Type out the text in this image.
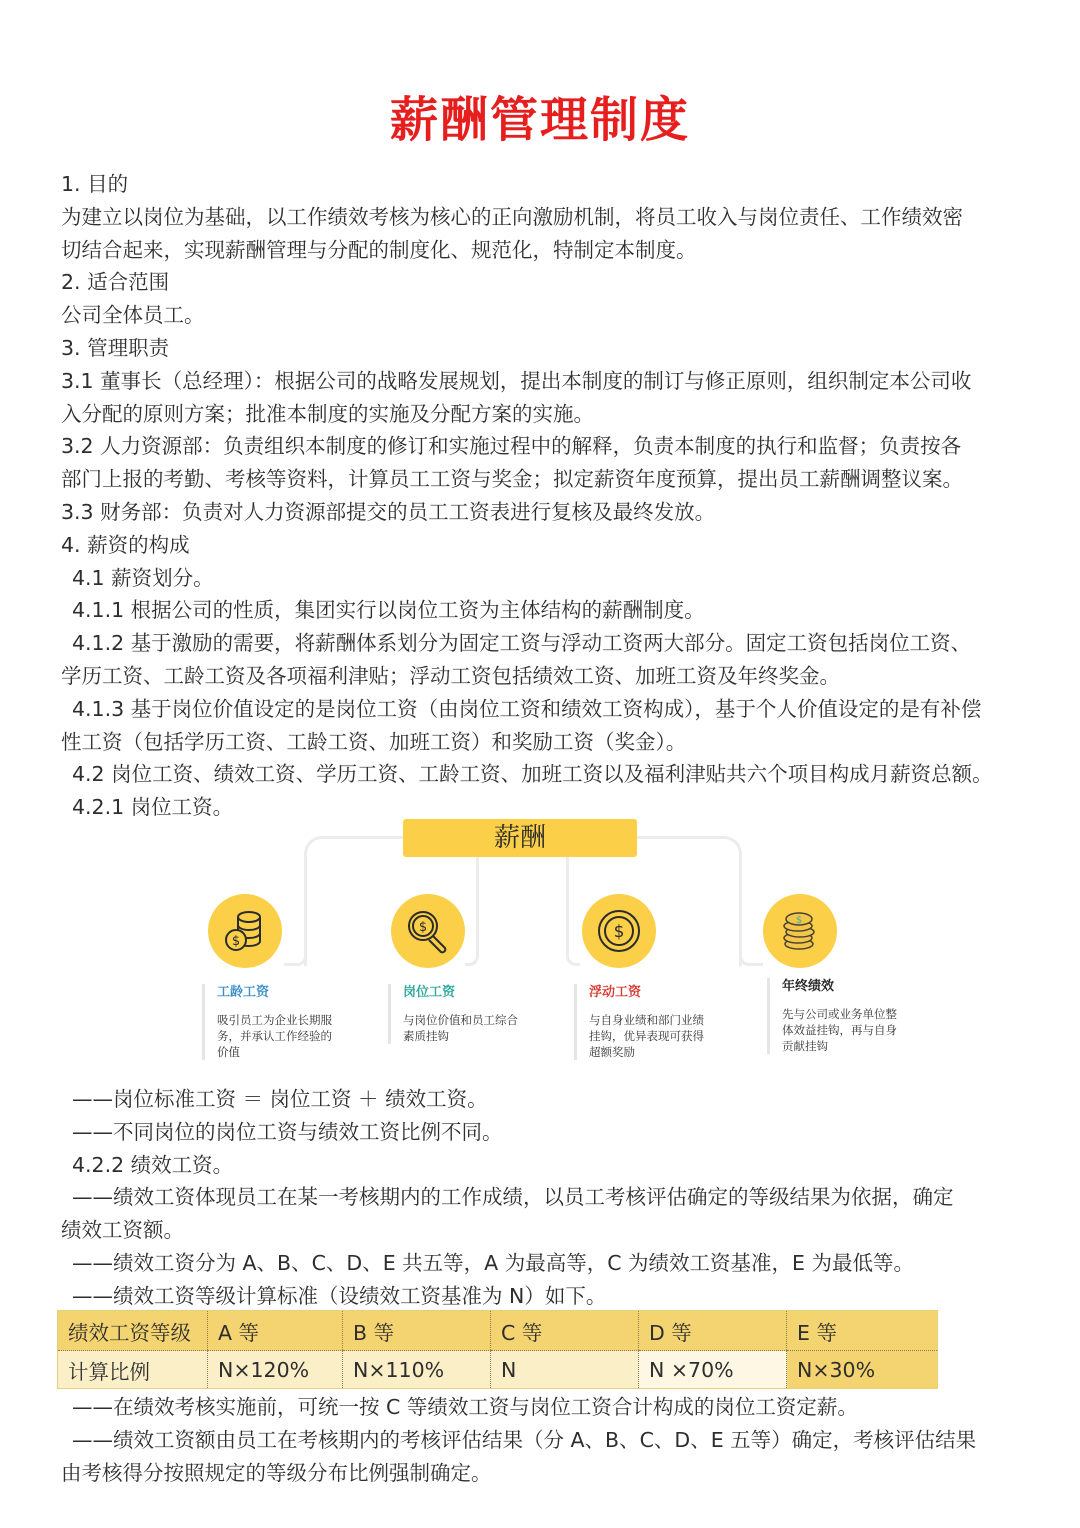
薪酬管理制度
1. 目的
为建立以岗位为基础，以工作绩效考核为核心的正向激励机制，将员工收入与岗位责任、工作绩效密
切结合起来，实现薪酬管理与分配的制度化、规范化，特制定本制度。
2. 适合范围
公司全体员工。
3. 管理职责
3.1 董事长（总经理）：根据公司的战略发展规划，提出本制度的制订与修正原则，组织制定本公司收
入分配的原则方案；批准本制度的实施及分配方案的实施。
3.2 人力资源部：负责组织本制度的修订和实施过程中的解释，负责本制度的执行和监督；负责按各
部门上报的考勤、考核等资料，计算员工工资与奖金；拟定薪资年度预算，提出员工薪酬调整议案。
3.3 财务部：负责对人力资源部提交的员工工资表进行复核及最终发放。
4. 薪资的构成
4.1 薪资划分。
4.1.1 根据公司的性质，集团实行以岗位工资为主体结构的薪酬制度。
4.1.2 基于激励的需要，将薪酬体系划分为固定工资与浮动工资两大部分。固定工资包括岗位工资、
学历工资、工龄工资及各项福利津贴；浮动工资包括绩效工资、加班工资及年终奖金。
4.1.3 基于岗位价值设定的是岗位工资（由岗位工资和绩效工资构成），基于个人价值设定的是有补偿
性工资（包括学历工资、工龄工资、加班工资）和奖励工资（奖金）。
4.2 岗位工资、绩效工资、学历工资、工龄工资、加班工资以及福利津贴共六个项目构成月薪资总额。
4.2.1 岗位工资。
薪酬
$
$	$
$
工龄工资
吸引员工为企业长期服
务，并承认工作经验的
价值
岗位工资
与岗位价值和员工综合
素质挂钩
浮动工资
与自身业绩和部门业绩
挂钩，优异表现可获得
超额奖励
年终绩效
先与公司或业务单位整
体效益挂钩，再与自身
贡献挂钩
——岗位标准工资 ＝ 岗位工资 ＋ 绩效工资。
——不同岗位的岗位工资与绩效工资比例不同。
4.2.2 绩效工资。
——绩效工资体现员工在某一考核期内的工作成绩，以员工考核评估确定的等级结果为依据，确定
绩效工资额。
——绩效工资分为 A、B、C、D、E 共五等，A 为最高等，C 为绩效工资基准，E 为最低等。
——绩效工资等级计算标准（设绩效工资基准为 N）如下。
绩效工资等级	A 等	B 等	C 等	D 等	E 等
计算比例	N×120%	N×110%	N	N ×70%	N×30%
——在绩效考核实施前，可统一按 C 等绩效工资与岗位工资合计构成的岗位工资定薪。
——绩效工资额由员工在考核期内的考核评估结果（分 A、B、C、D、E 五等）确定，考核评估结果
由考核得分按照规定的等级分布比例强制确定。
